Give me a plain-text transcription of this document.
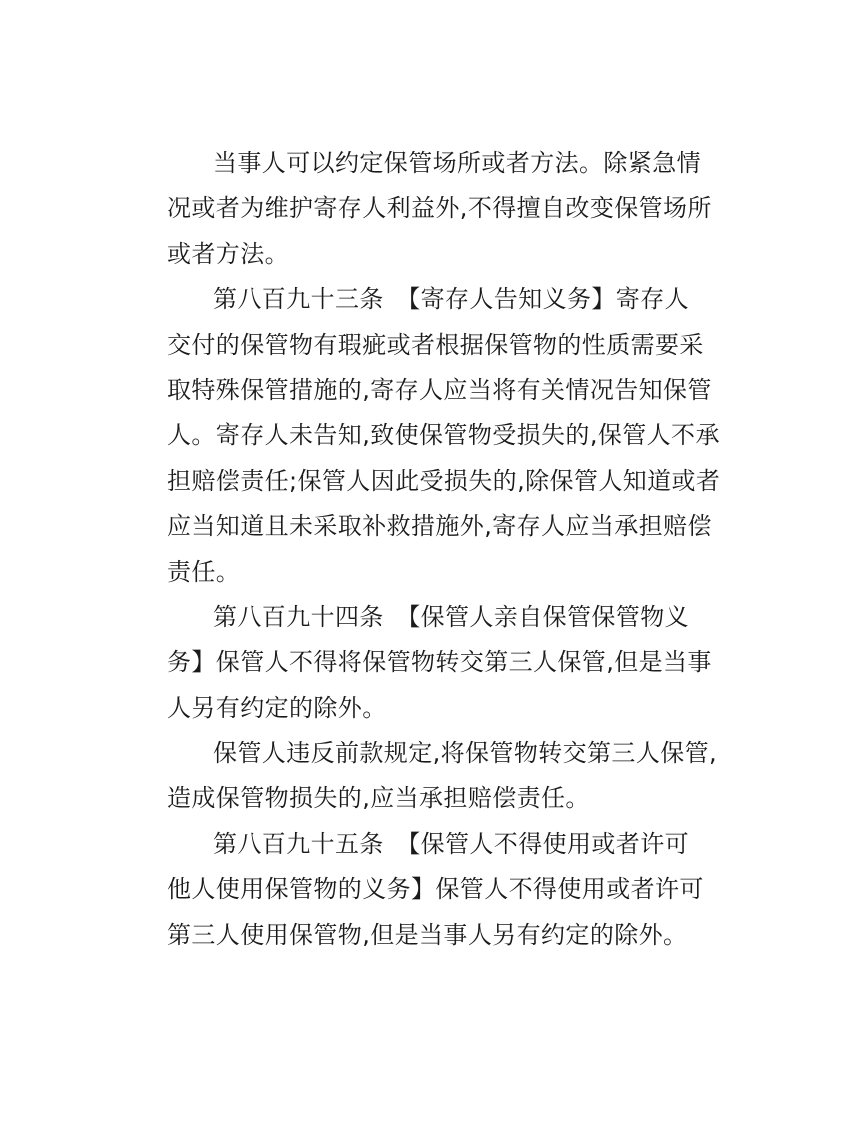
当事人可以约定保管场所或者方法。除紧急情
况或者为维护寄存人利益外,不得擅自改变保管场所
或者方法。
第八百九十三条　【寄存人告知义务】寄存人
交付的保管物有瑕疵或者根据保管物的性质需要采
取特殊保管措施的,寄存人应当将有关情况告知保管
人。寄存人未告知,致使保管物受损失的,保管人不承
担赔偿责任;保管人因此受损失的,除保管人知道或者
应当知道且未采取补救措施外,寄存人应当承担赔偿
责任。
第八百九十四条　【保管人亲自保管保管物义
务】保管人不得将保管物转交第三人保管,但是当事
人另有约定的除外。
保管人违反前款规定,将保管物转交第三人保管,
造成保管物损失的,应当承担赔偿责任。
第八百九十五条　【保管人不得使用或者许可
他人使用保管物的义务】保管人不得使用或者许可
第三人使用保管物,但是当事人另有约定的除外。
